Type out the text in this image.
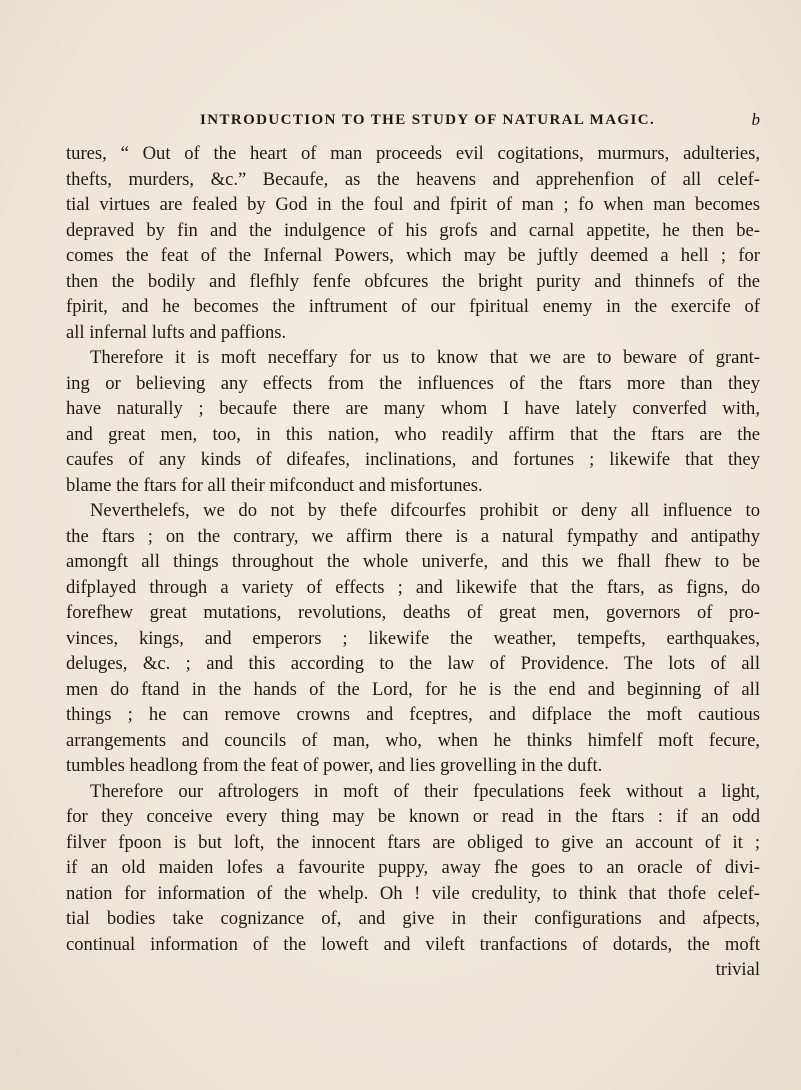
INTRODUCTION TO THE STUDY OF NATURAL MAGIC.	b
tures, “ Out of the heart of man proceeds evil cogitations, murmurs, adulteries,
thefts, murders, &c.” Becaufe, as the heavens and apprehenfion of all celef-
tial virtues are fealed by God in the foul and fpirit of man ; fo when man becomes
depraved by fin and the indulgence of his grofs and carnal appetite, he then be-
comes the feat of the Infernal Powers, which may be juftly deemed a hell ; for
then the bodily and flefhly fenfe obfcures the bright purity and thinnefs of the
fpirit, and he becomes the inftrument of our fpiritual enemy in the exercife of
all infernal lufts and paffions.
Therefore it is moft neceffary for us to know that we are to beware of grant-
ing or believing any effects from the influences of the ftars more than they
have naturally ; becaufe there are many whom I have lately converfed with,
and great men, too, in this nation, who readily affirm that the ftars are the
caufes of any kinds of difeafes, inclinations, and fortunes ; likewife that they
blame the ftars for all their mifconduct and misfortunes.
Neverthelefs, we do not by thefe difcourfes prohibit or deny all influence to
the ftars ; on the contrary, we affirm there is a natural fympathy and antipathy
amongft all things throughout the whole univerfe, and this we fhall fhew to be
difplayed through a variety of effects ; and likewife that the ftars, as figns, do
forefhew great mutations, revolutions, deaths of great men, governors of pro-
vinces, kings, and emperors ; likewife the weather, tempefts, earthquakes,
deluges, &c. ; and this according to the law of Providence. The lots of all
men do ftand in the hands of the Lord, for he is the end and beginning of all
things ; he can remove crowns and fceptres, and difplace the moft cautious
arrangements and councils of man, who, when he thinks himfelf moft fecure,
tumbles headlong from the feat of power, and lies grovelling in the duft.
Therefore our aftrologers in moft of their fpeculations feek without a light,
for they conceive every thing may be known or read in the ftars : if an odd
filver fpoon is but loft, the innocent ftars are obliged to give an account of it ;
if an old maiden lofes a favourite puppy, away fhe goes to an oracle of divi-
nation for information of the whelp. Oh ! vile credulity, to think that thofe celef-
tial bodies take cognizance of, and give in their configurations and afpects,
continual information of the loweft and vileft tranfactions of dotards, the moft
trivial
